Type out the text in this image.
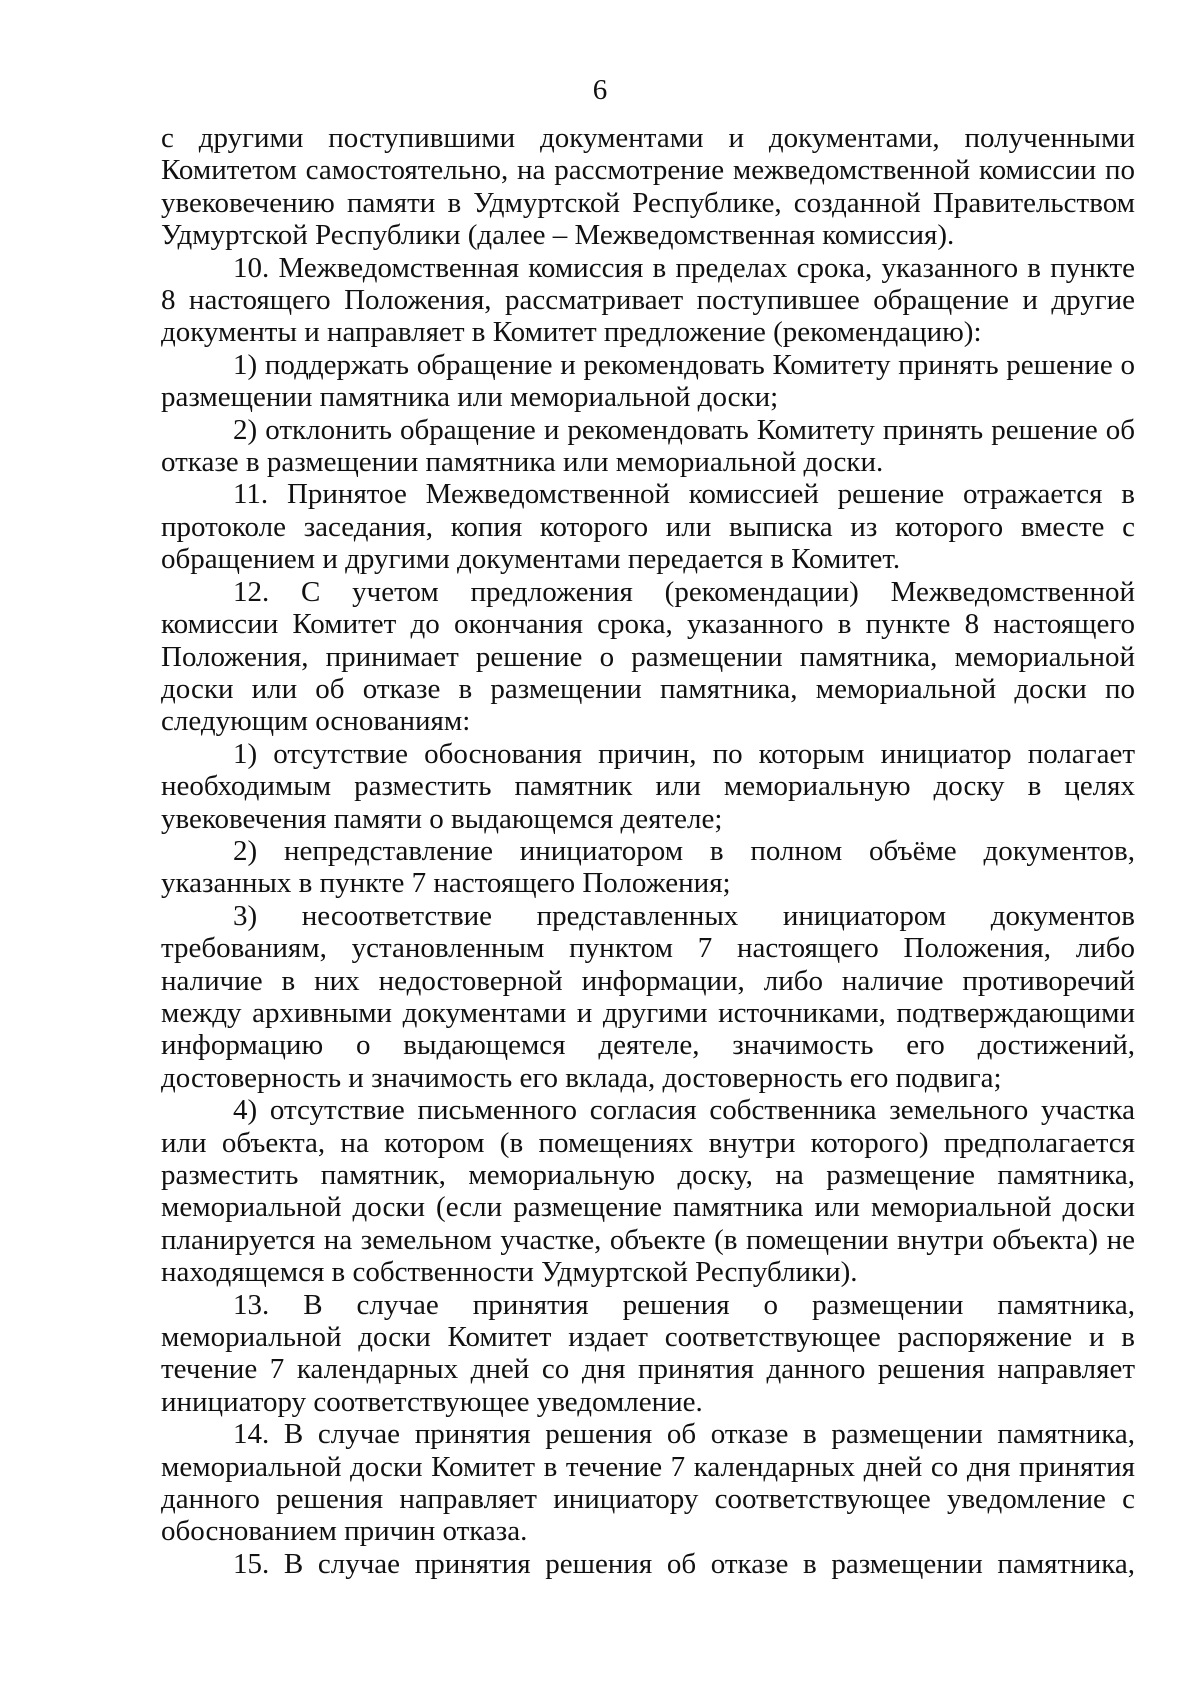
6

с другими поступившими документами и документами, полученными Комитетом самостоятельно, на рассмотрение межведомственной комиссии по увековечению памяти в Удмуртской Республике, созданной Правительством Удмуртской Республики (далее – Межведомственная комиссия).

10. Межведомственная комиссия в пределах срока, указанного в пункте 8 настоящего Положения, рассматривает поступившее обращение и другие документы и направляет в Комитет предложение (рекомендацию):

1) поддержать обращение и рекомендовать Комитету принять решение о размещении памятника или мемориальной доски;

2) отклонить обращение и рекомендовать Комитету принять решение об отказе в размещении памятника или мемориальной доски.

11. Принятое Межведомственной комиссией решение отражается в протоколе заседания, копия которого или выписка из которого вместе с обращением и другими документами передается в Комитет.

12. С учетом предложения (рекомендации) Межведомственной комиссии Комитет до окончания срока, указанного в пункте 8 настоящего Положения, принимает решение о размещении памятника, мемориальной доски или об отказе в размещении памятника, мемориальной доски по следующим основаниям:

1) отсутствие обоснования причин, по которым инициатор полагает необходимым разместить памятник или мемориальную доску в целях увековечения памяти о выдающемся деятеле;

2) непредставление инициатором в полном объёме документов, указанных в пункте 7 настоящего Положения;

3) несоответствие представленных инициатором документов требованиям, установленным пунктом 7 настоящего Положения, либо наличие в них недостоверной информации, либо наличие противоречий между архивными документами и другими источниками, подтверждающими информацию о выдающемся деятеле, значимость его достижений, достоверность и значимость его вклада, достоверность его подвига;

4) отсутствие письменного согласия собственника земельного участка или объекта, на котором (в помещениях внутри которого) предполагается разместить памятник, мемориальную доску, на размещение памятника, мемориальной доски (если размещение памятника или мемориальной доски планируется на земельном участке, объекте (в помещении внутри объекта) не находящемся в собственности Удмуртской Республики).

13. В случае принятия решения о размещении памятника, мемориальной доски Комитет издает соответствующее распоряжение и в течение 7 календарных дней со дня принятия данного решения направляет инициатору соответствующее уведомление.

14. В случае принятия решения об отказе в размещении памятника, мемориальной доски Комитет в течение 7 календарных дней со дня принятия данного решения направляет инициатору соответствующее уведомление с обоснованием причин отказа.

15. В случае принятия решения об отказе в размещении памятника,
